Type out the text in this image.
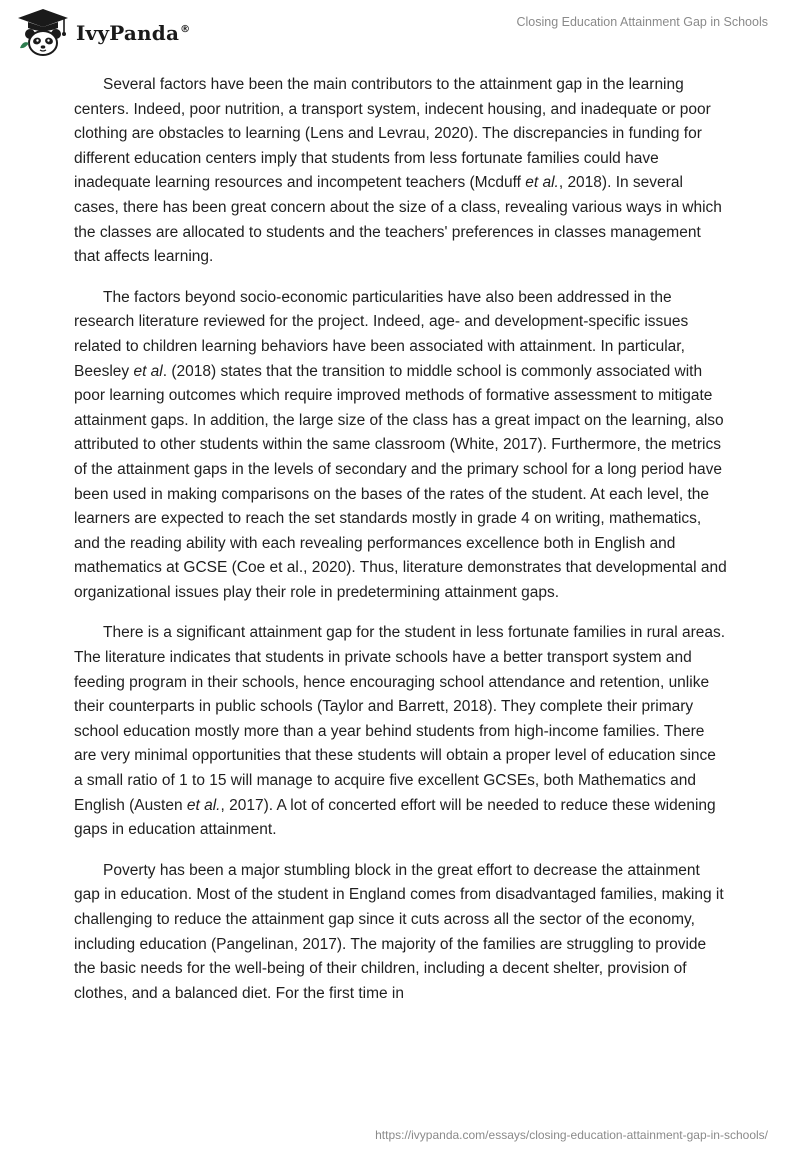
IvyPanda®
Closing Education Attainment Gap in Schools

Several factors have been the main contributors to the attainment gap in the learning centers. Indeed, poor nutrition, a transport system, indecent housing, and inadequate or poor clothing are obstacles to learning (Lens and Levrau, 2020). The discrepancies in funding for different education centers imply that students from less fortunate families could have inadequate learning resources and incompetent teachers (Mcduff et al., 2018). In several cases, there has been great concern about the size of a class, revealing various ways in which the classes are allocated to students and the teachers' preferences in classes management that affects learning.

The factors beyond socio-economic particularities have also been addressed in the research literature reviewed for the project. Indeed, age- and development-specific issues related to children learning behaviors have been associated with attainment. In particular, Beesley et al. (2018) states that the transition to middle school is commonly associated with poor learning outcomes which require improved methods of formative assessment to mitigate attainment gaps. In addition, the large size of the class has a great impact on the learning, also attributed to other students within the same classroom (White, 2017). Furthermore, the metrics of the attainment gaps in the levels of secondary and the primary school for a long period have been used in making comparisons on the bases of the rates of the student. At each level, the learners are expected to reach the set standards mostly in grade 4 on writing, mathematics, and the reading ability with each revealing performances excellence both in English and mathematics at GCSE (Coe et al., 2020). Thus, literature demonstrates that developmental and organizational issues play their role in predetermining attainment gaps.

There is a significant attainment gap for the student in less fortunate families in rural areas. The literature indicates that students in private schools have a better transport system and feeding program in their schools, hence encouraging school attendance and retention, unlike their counterparts in public schools (Taylor and Barrett, 2018). They complete their primary school education mostly more than a year behind students from high-income families. There are very minimal opportunities that these students will obtain a proper level of education since a small ratio of 1 to 15 will manage to acquire five excellent GCSEs, both Mathematics and English (Austen et al., 2017). A lot of concerted effort will be needed to reduce these widening gaps in education attainment.

Poverty has been a major stumbling block in the great effort to decrease the attainment gap in education. Most of the student in England comes from disadvantaged families, making it challenging to reduce the attainment gap since it cuts across all the sector of the economy, including education (Pangelinan, 2017). The majority of the families are struggling to provide the basic needs for the well-being of their children, including a decent shelter, provision of clothes, and a balanced diet. For the first time in

https://ivypanda.com/essays/closing-education-attainment-gap-in-schools/
